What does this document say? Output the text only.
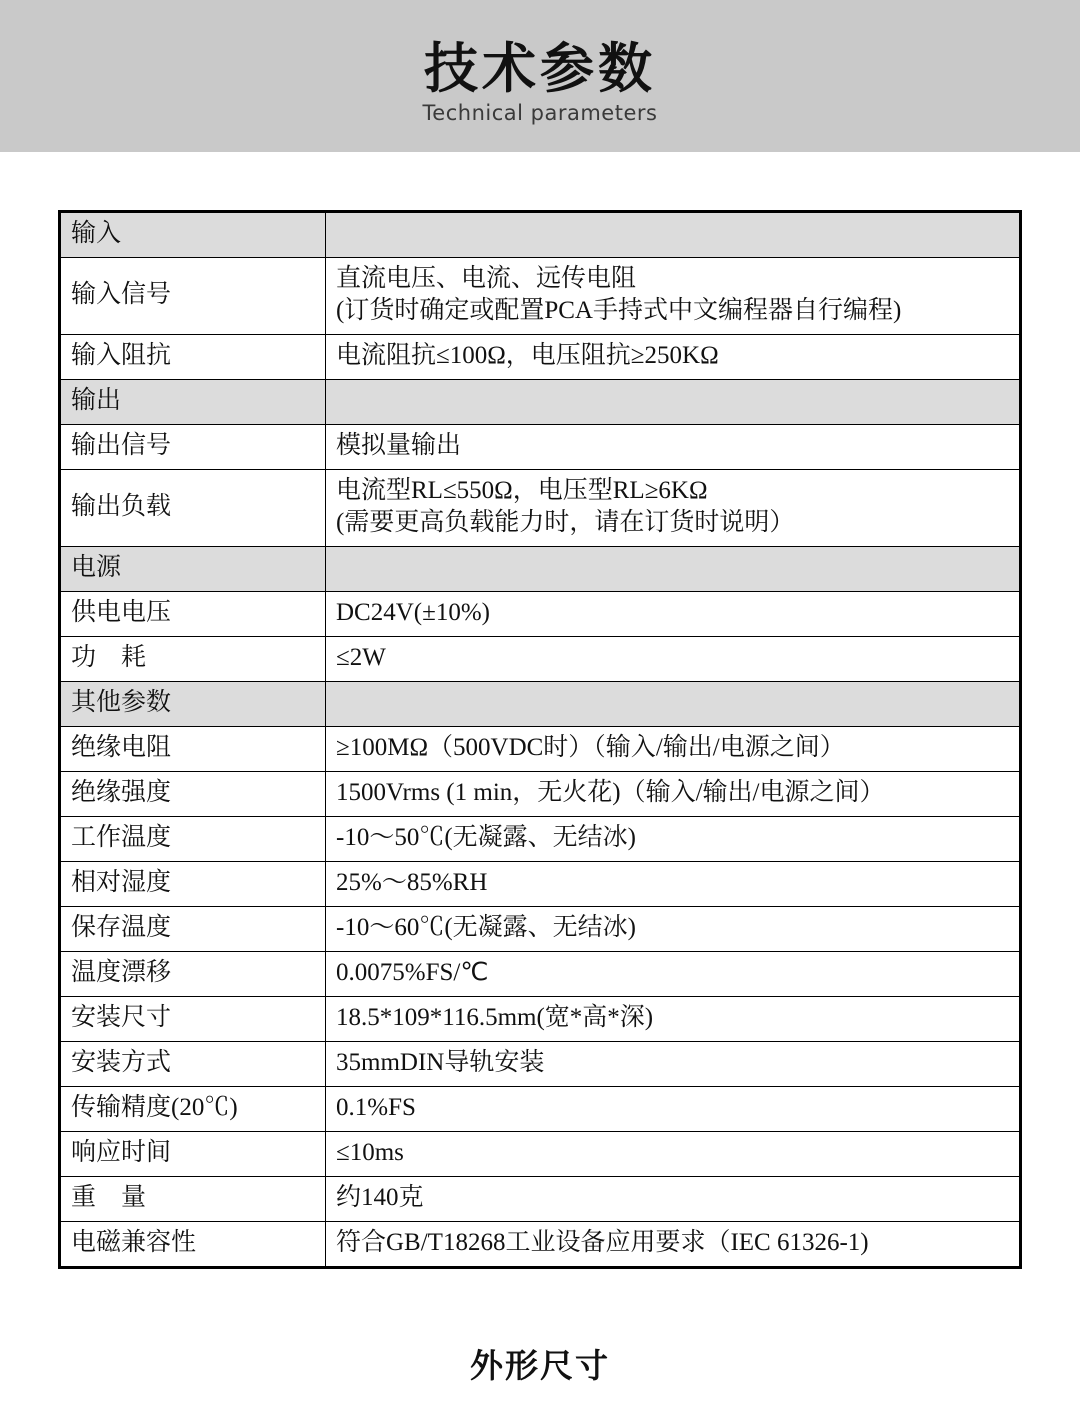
技术参数
Technical parameters
输入	
输入信号	直流电压、电流、远传电阻
(订货时确定或配置PCA手持式中文编程器自行编程)

输入阻抗	电流阻抗≤100Ω，电压阻抗≥250KΩ

输出	
输出信号	模拟量输出

输出负载	电流型RL≤550Ω，电压型RL≥6KΩ
(需要更高负载能力时，请在订货时说明）

电源	
供电电压	DC24V(±10%)

功　耗	≤2W

其他参数	
绝缘电阻	≥100MΩ（500VDC时）（输入/输出/电源之间）

绝缘强度	1500Vrms (1 min，无火花)（输入/输出/电源之间）

工作温度	-10～50℃(无凝露、无结冰)

相对湿度	25%～85%RH

保存温度	-10～60℃(无凝露、无结冰)

温度漂移	0.0075%FS/℃

安装尺寸	18.5*109*116.5mm(宽*高*深)

安装方式	35mmDIN导轨安装

传输精度(20℃)	0.1%FS

响应时间	≤10ms

重　量	约140克

电磁兼容性	符合GB/T18268工业设备应用要求（IEC 61326-1)
外形尺寸
